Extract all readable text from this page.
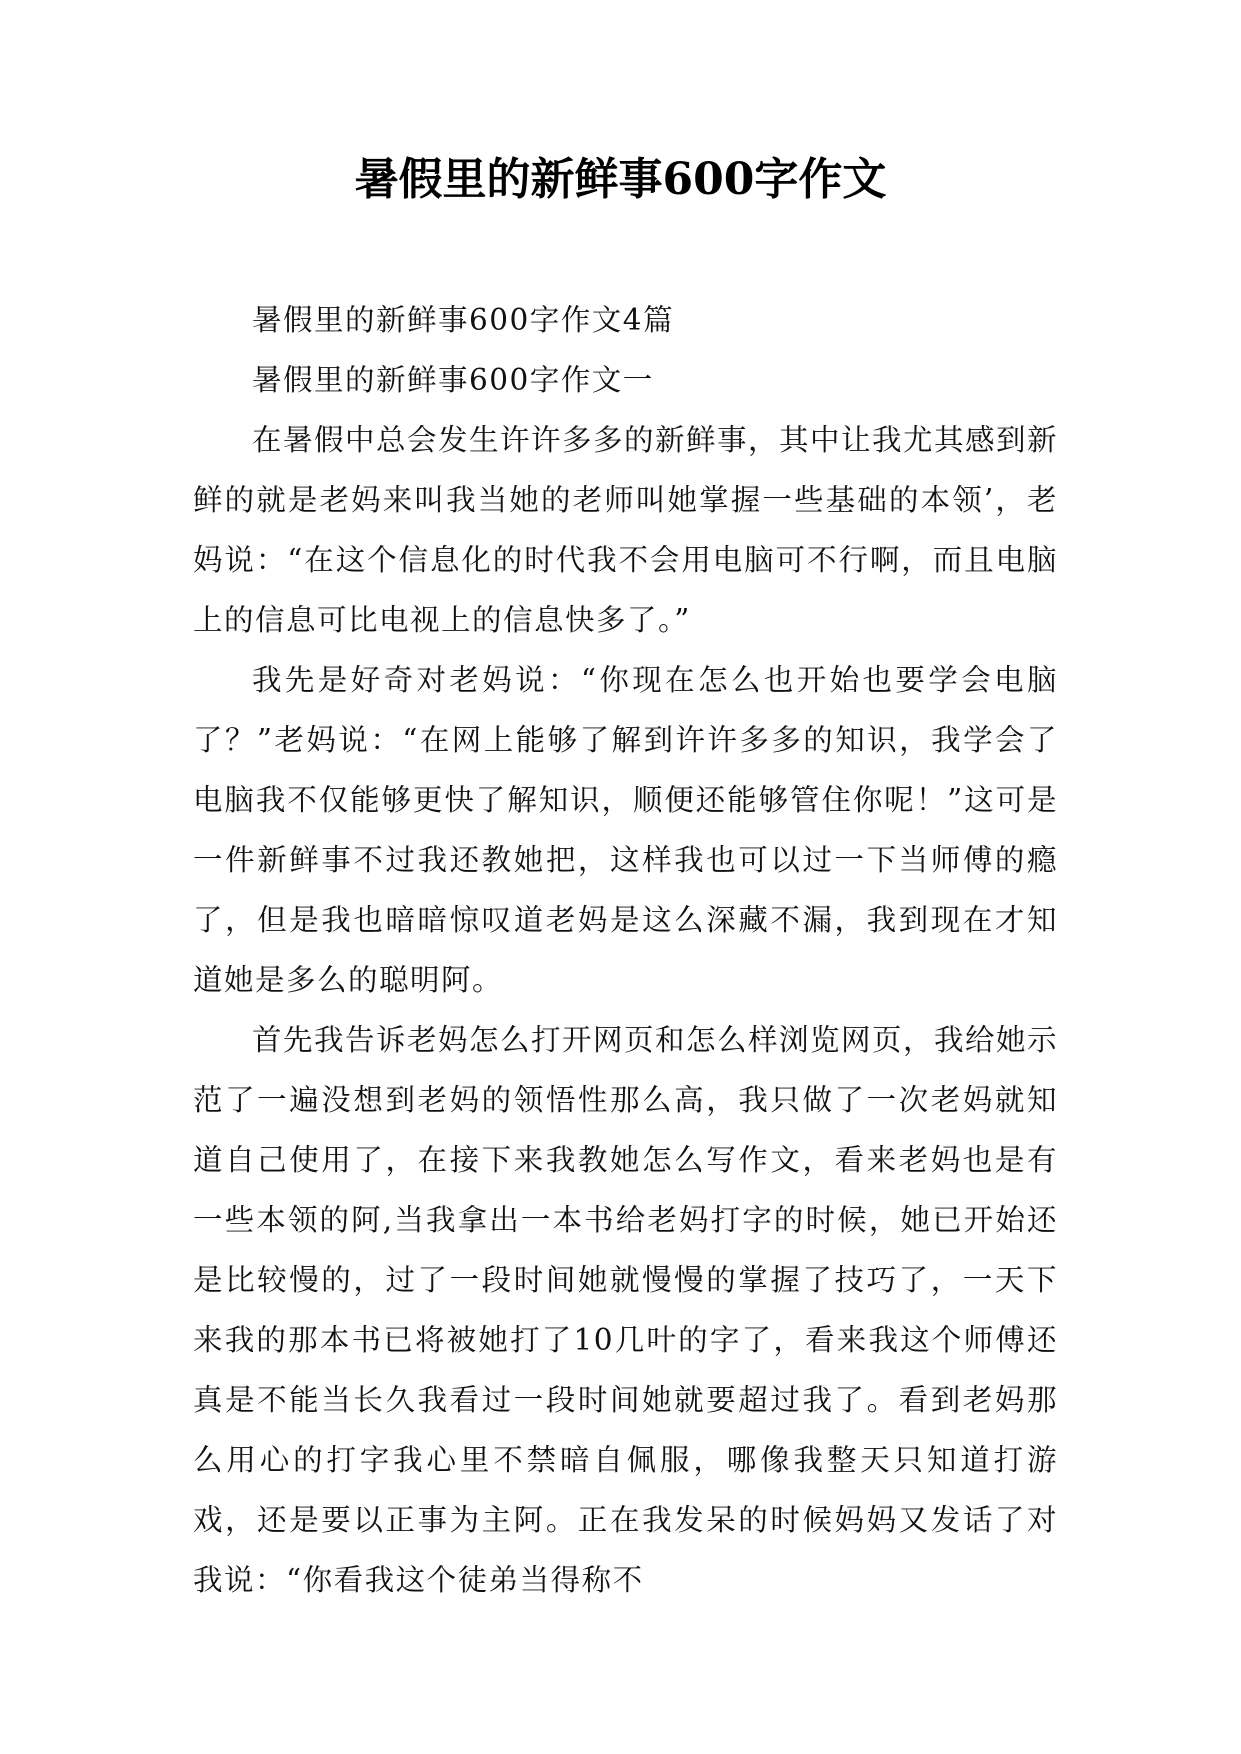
暑假里的新鲜事600字作文

暑假里的新鲜事600字作文4篇

暑假里的新鲜事600字作文一

在暑假中总会发生许许多多的新鲜事，其中让我尤其感到新鲜的就是老妈来叫我当她的老师叫她掌握一些基础的本领’，老妈说：“在这个信息化的时代我不会用电脑可不行啊，而且电脑上的信息可比电视上的信息快多了。”

我先是好奇对老妈说：“你现在怎么也开始也要学会电脑了？”老妈说：“在网上能够了解到许许多多的知识，我学会了电脑我不仅能够更快了解知识，顺便还能够管住你呢！”这可是一件新鲜事不过我还教她把，这样我也可以过一下当师傅的瘾了，但是我也暗暗惊叹道老妈是这么深藏不漏，我到现在才知道她是多么的聪明阿。

首先我告诉老妈怎么打开网页和怎么样浏览网页，我给她示范了一遍没想到老妈的领悟性那么高，我只做了一次老妈就知道自己使用了，在接下来我教她怎么写作文，看来老妈也是有一些本领的阿,当我拿出一本书给老妈打字的时候，她已开始还是比较慢的，过了一段时间她就慢慢的掌握了技巧了，一天下来我的那本书已将被她打了10几叶的字了，看来我这个师傅还真是不能当长久我看过一段时间她就要超过我了。看到老妈那么用心的打字我心里不禁暗自佩服，哪像我整天只知道打游戏，还是要以正事为主阿。正在我发呆的时候妈妈又发话了对我说：“你看我这个徒弟当得称不
